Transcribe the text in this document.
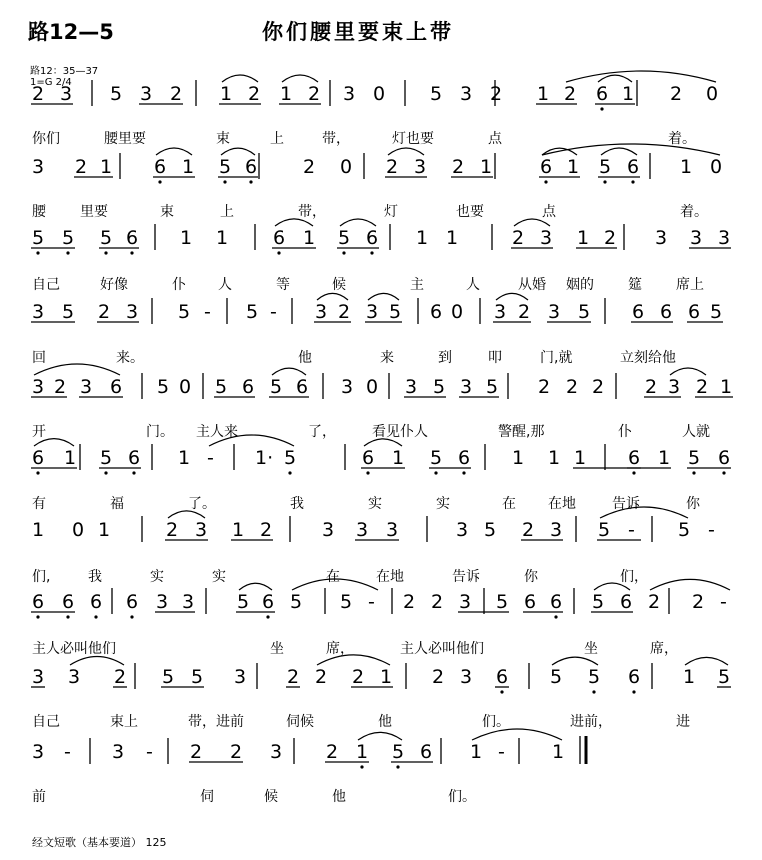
路12—5	你们腰里要束上带
路12：35—37
1=G 2/4
2 3 5 3 2 1 2 1 2 3 0 5 3 2 1 2 6 1 2 0
你们	腰里要	束	上	带，	灯也要	点	着。
3 2 1 6 1 5 6 2 0 2 3 2 1	6 1 5 6 1 0
腰 里要	束	上	带，	灯	也要	点	着。
5 5 5 6 1 1 6 1 5 6 1 1	2 3 1 2 3 3 3
自己	好像	仆 人	等	候	主	人	从婚 姻的 筵 席上
3 5 2 3 5 - 5 - 3 2 3 5 6 0 3 2 3 5 6 6 6 5
回	来。	他	来	到	叩	门,就	立刻给他
3 2 3 6 5 0 5 6 5 6 3 0 3 5 3 5 2 2 2 2 3 2 1
开	门。 主人来	了，	看见仆人	警醒,那	仆	人就
6 1 5 6 1 - 1· 5	6 1 5 6 1 1 1 6 1 5 6
有	福	了。	我	实	实	在 在地	告诉	你
1 0 1	2 3 1 2	3 3 3	3 5 2 3 5 - 5 -
们,	我	实	实	在	在地	告诉	你	们，
6 6 6 6 3 3 5 6 5 5 - 2 2 3 5 6 6 5 6 2 2 -
主人必叫他们	坐	席，	主人必叫他们	坐	席，
3 3 2 5 5 3 2 2 2 1 2 3 6 5 5 6 1 5
自己	束上	带，进前	伺候	他	们。	进前，	进
3 - 3 - 2 2 3 2 1 5 6 1 - 1
前	伺	候	他	们。
经文短歌（基本要道） 125
